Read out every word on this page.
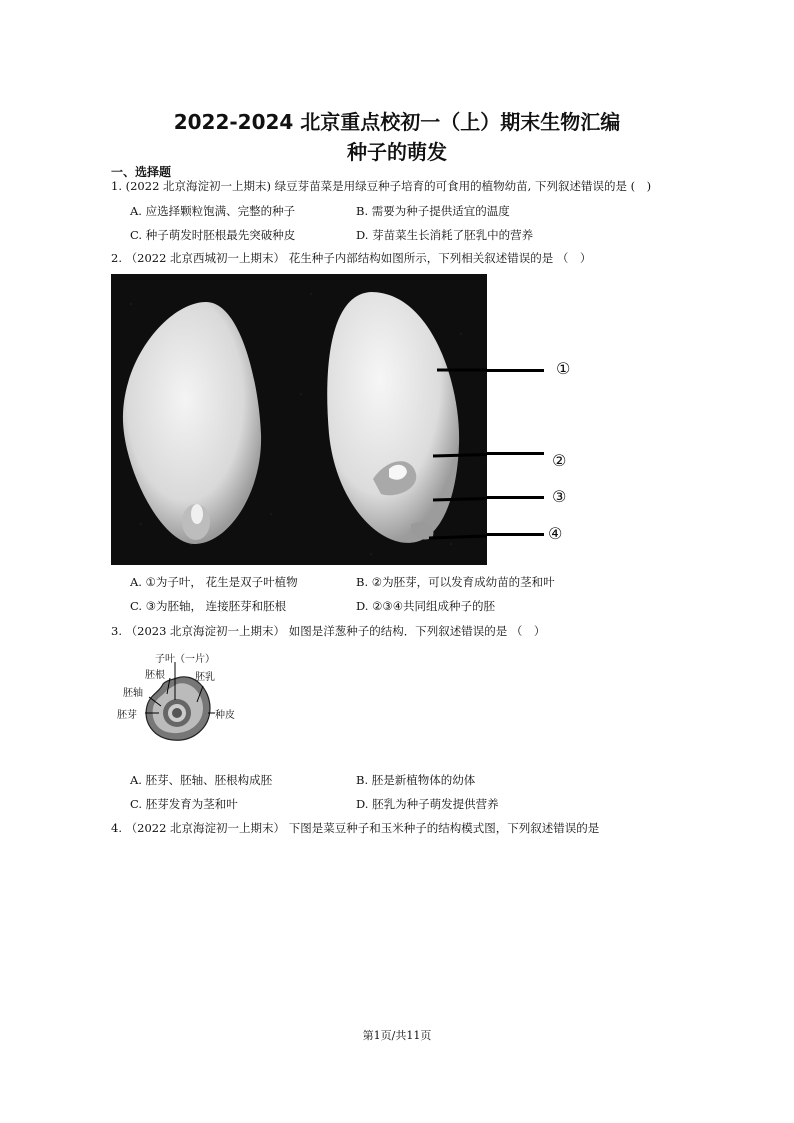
2022-2024 北京重点校初一（上）期末生物汇编
种子的萌发
一、选择题
1. (2022 北京海淀初一上期末) 绿豆芽苗菜是用绿豆种子培育的可食用的植物幼苗, 下列叙述错误的是 (　)
A. 应选择颗粒饱满、完整的种子	B. 需要为种子提供适宜的温度
C. 种子萌发时胚根最先突破种皮	D. 芽苗菜生长消耗了胚乳中的营养
2. （2022 北京西城初一上期末） 花生种子内部结构如图所示，下列相关叙述错误的是 （　）
①
②
③
④
A. ①为子叶， 花生是双子叶植物	B. ②为胚芽，可以发育成幼苗的茎和叶
C. ③为胚轴， 连接胚芽和胚根	D. ②③④共同组成种子的胚
3. （2023 北京海淀初一上期末） 如图是洋葱种子的结构．下列叙述错误的是 （　）
子叶（一片）
胚根	胚乳
胚轴
胚芽	种皮
A. 胚芽、胚轴、胚根构成胚	B. 胚是新植物体的幼体
C. 胚芽发育为茎和叶	D. 胚乳为种子萌发提供营养
4. （2022 北京海淀初一上期末） 下图是菜豆种子和玉米种子的结构模式图，下列叙述错误的是
第1页/共11页
